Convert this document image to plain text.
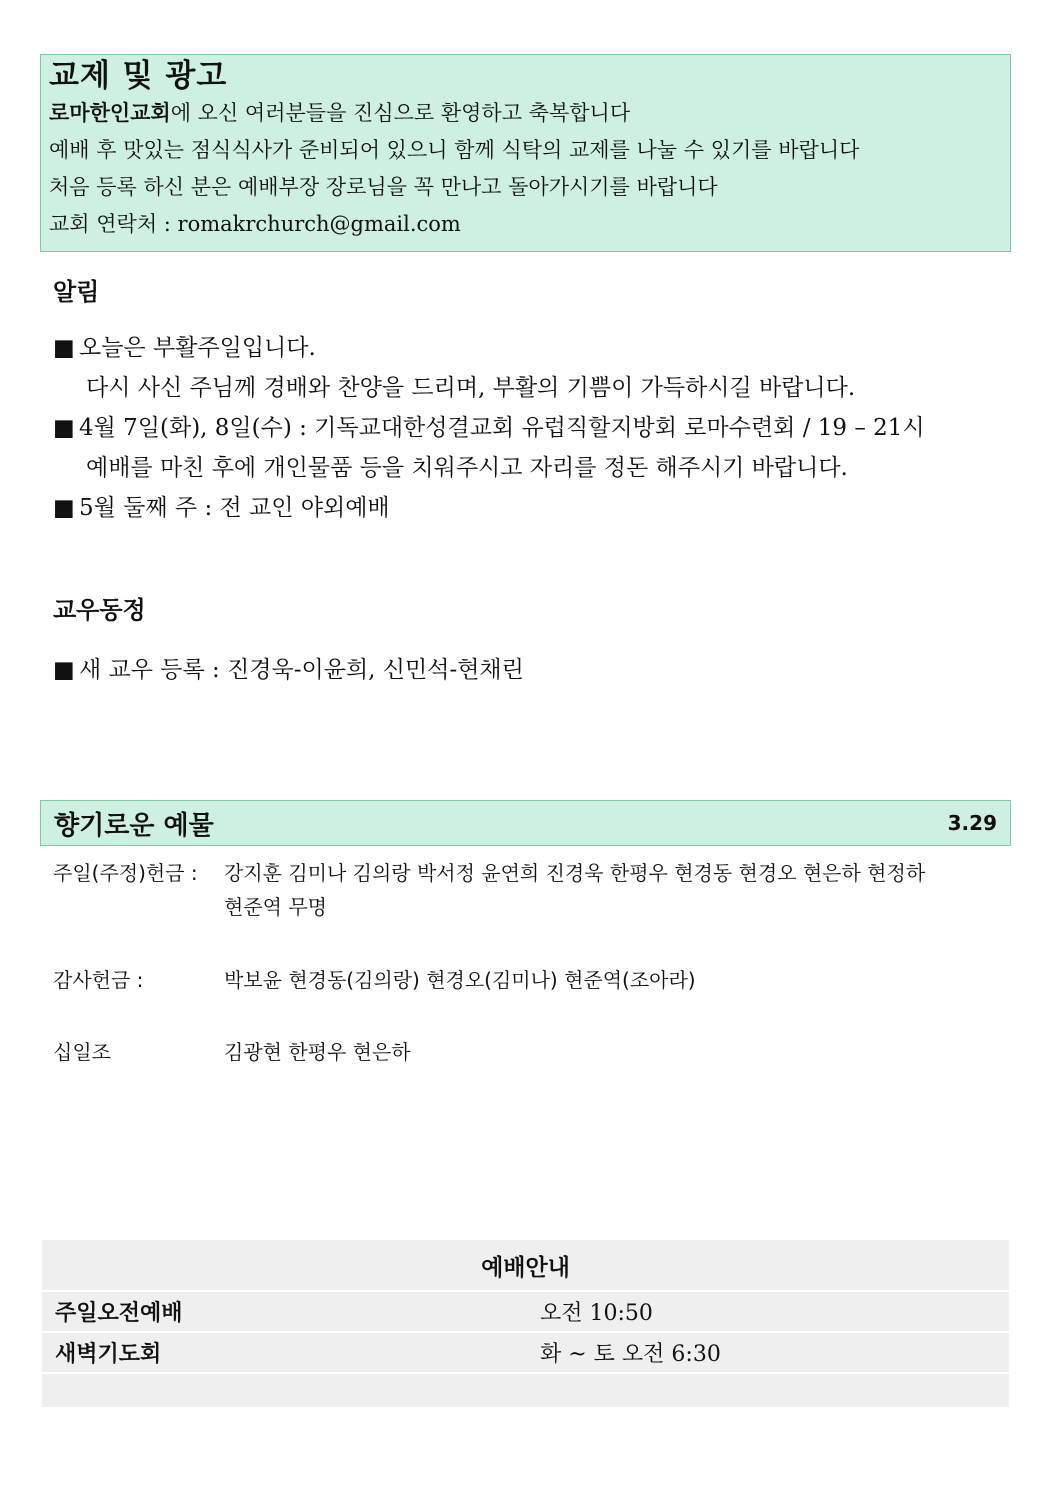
교제 및 광고
로마한인교회에 오신 여러분들을 진심으로 환영하고 축복합니다
예배 후 맛있는 점식식사가 준비되어 있으니 함께 식탁의 교제를 나눌 수 있기를 바랍니다
처음 등록 하신 분은 예배부장 장로님을 꼭 만나고 돌아가시기를 바랍니다
교회 연락처 : romakrchurch@gmail.com
알림
■ 오늘은 부활주일입니다.
다시 사신 주님께 경배와 찬양을 드리며, 부활의 기쁨이 가득하시길 바랍니다.
■ 4월 7일(화), 8일(수) : 기독교대한성결교회 유럽직할지방회 로마수련회 / 19 – 21시
예배를 마친 후에 개인물품 등을 치워주시고 자리를 정돈 해주시기 바랍니다.
■ 5월 둘째 주 : 전 교인 야외예배
교우동정
■ 새 교우 등록 : 진경욱-이윤희, 신민석-현채린
향기로운 예물	3.29
주일(주정)헌금 : 강지훈 김미나 김의랑 박서정 윤연희 진경욱 한평우 현경동 현경오 현은하 현정하 현준역 무명
감사헌금 :	박보윤 현경동(김의랑) 현경오(김미나) 현준역(조아라)
십일조	김광현 한평우 현은하
예배안내
주일오전예배	오전 10:50
새벽기도회	화 ~ 토 오전 6:30
